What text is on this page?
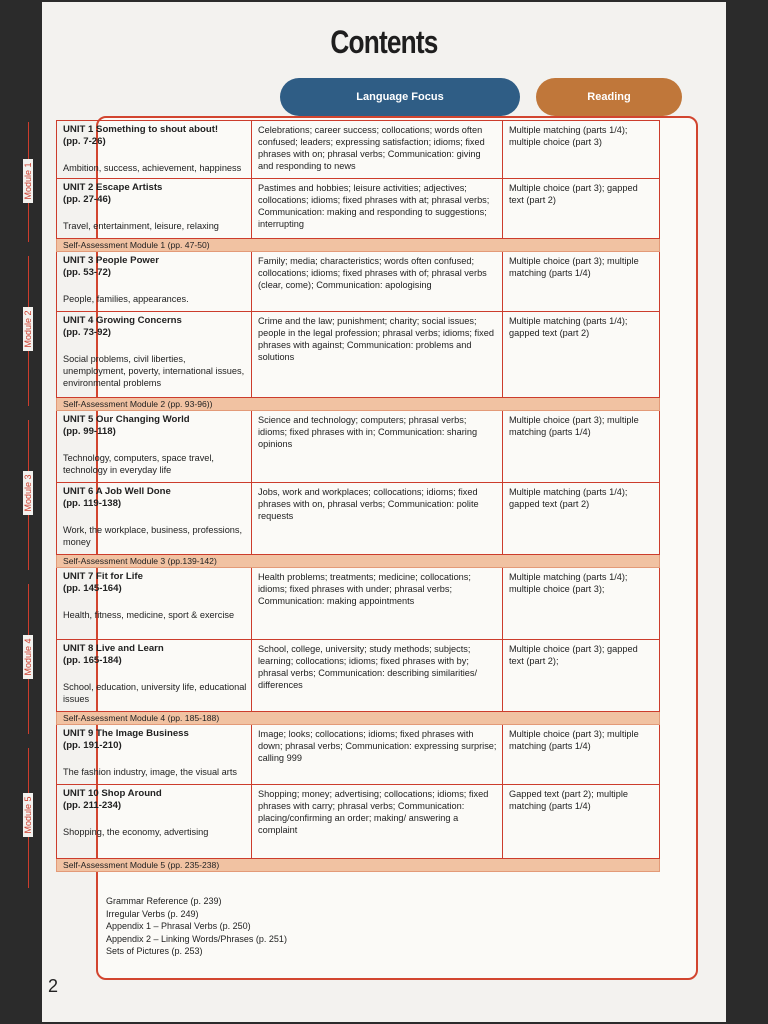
Contents
Language Focus	Reading
UNIT 1 Something to shout about!
(pp. 7-26)
Ambition, success, achievement, happiness	Celebrations; career success; collocations; words often confused; leaders; expressing satisfaction; idioms; fixed phrases with on; phrasal verbs; Communication: giving and responding to news	Multiple matching (parts 1/4); multiple choice (part 3)

UNIT 2 Escape Artists
(pp. 27-46)
Travel, entertainment, leisure, relaxing	Pastimes and hobbies; leisure activities; adjectives; collocations; idioms; fixed phrases with at; phrasal verbs; Communication: making and responding to suggestions; interrupting	Multiple choice (part 3); gapped text (part 2)
Self-Assessment Module 1 (pp. 47-50)		

UNIT 3 People Power
(pp. 53-72)
People, families, appearances.	Family; media; characteristics; words often confused; collocations; idioms; fixed phrases with of; phrasal verbs (clear, come); Communication: apologising	Multiple choice (part 3); multiple matching (parts 1/4)

UNIT 4 Growing Concerns
(pp. 73-92)
Social problems, civil liberties, unemployment, poverty, international issues, environmental problems	Crime and the law; punishment; charity; social issues; people in the legal profession; phrasal verbs; idioms; fixed phrases with against; Communication: problems and solutions	Multiple matching (parts 1/4); gapped text (part 2)
Self-Assessment Module 2 (pp. 93-96))		

UNIT 5 Our Changing World
(pp. 99-118)
Technology, computers, space travel, technology in everyday life	Science and technology; computers; phrasal verbs; idioms; fixed phrases with in; Communication: sharing opinions	Multiple choice (part 3); multiple matching (parts 1/4)

UNIT 6 A Job Well Done
(pp. 119-138)
Work, the workplace, business, professions, money	Jobs, work and workplaces; collocations; idioms; fixed phrases with on, phrasal verbs; Communication: polite requests	Multiple matching (parts 1/4); gapped text (part 2)
Self-Assessment Module 3 (pp.139-142)		

UNIT 7 Fit for Life
(pp. 145-164)
Health, fitness, medicine, sport & exercise	Health problems; treatments; medicine; collocations; idioms; fixed phrases with under; phrasal verbs; Communication: making appointments	Multiple matching (parts 1/4); multiple choice (part 3);

UNIT 8 Live and Learn
(pp. 165-184)
School, education, university life, educational issues	School, college, university; study methods; subjects; learning; collocations; idioms; fixed phrases with by; phrasal verbs; Communication: describing similarities/ differences	Multiple choice (part 3); gapped text (part 2);
Self-Assessment Module 4 (pp. 185-188)		

UNIT 9 The Image Business
(pp. 191-210)
The fashion industry, image, the visual arts	Image; looks; collocations; idioms; fixed phrases with down; phrasal verbs; Communication: expressing surprise; calling 999	Multiple choice (part 3); multiple matching (parts 1/4)

UNIT 10 Shop Around
(pp. 211-234)
Shopping, the economy, advertising	Shopping; money; advertising; collocations; idioms; fixed phrases with carry; phrasal verbs; Communication: placing/confirming an order; making/ answering a complaint	Gapped text (part 2); multiple matching (parts 1/4)
Self-Assessment Module 5 (pp. 235-238)		
Module 1
Module 2
Module 3
Module 4
Module 5
Grammar Reference (p. 239)
Irregular Verbs (p. 249)
Appendix 1 – Phrasal Verbs (p. 250)
Appendix 2 – Linking Words/Phrases (p. 251)
Sets of Pictures (p. 253)
2
